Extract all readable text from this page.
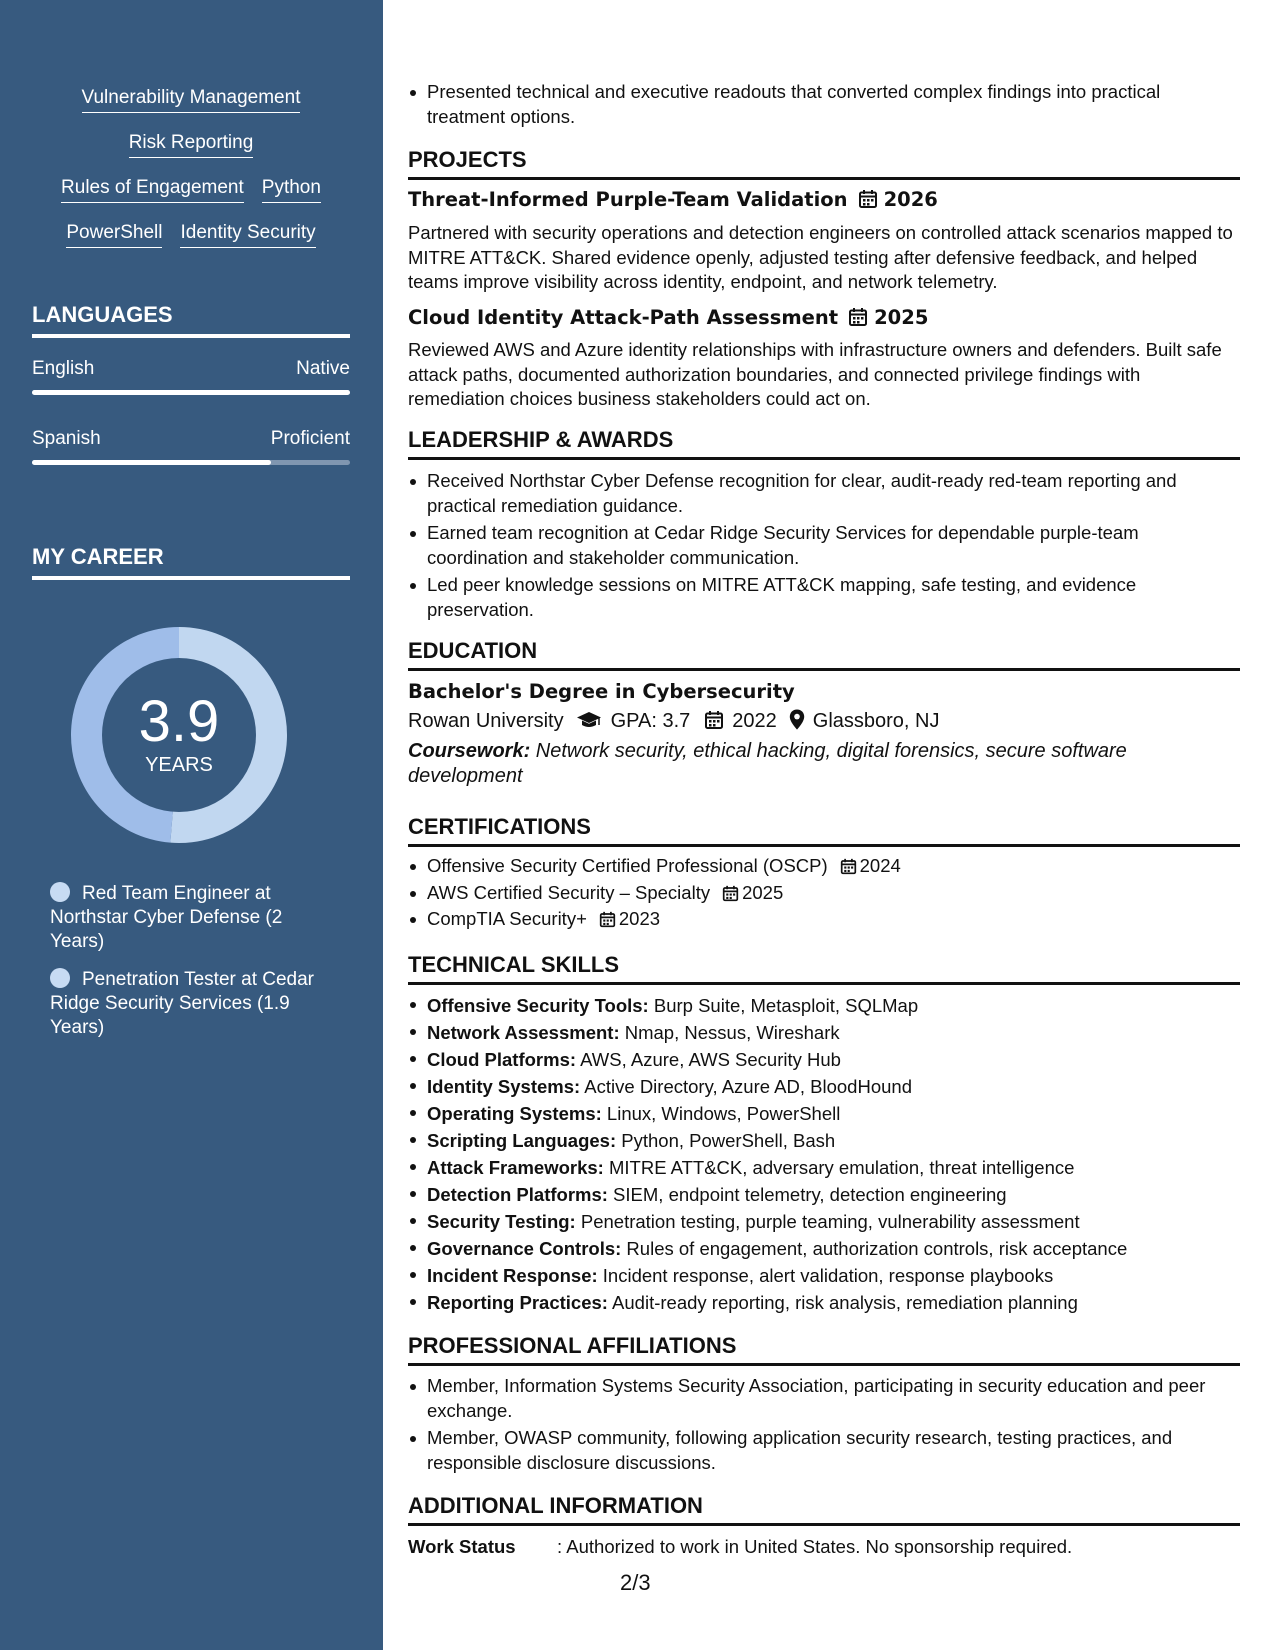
Vulnerability Management
Risk Reporting
Rules of Engagement Python
PowerShell Identity Security
LANGUAGES
English	Native
Spanish	Proficient
MY CAREER
3.9
YEARS
Red Team Engineer at Northstar Cyber Defense (2 Years)
Penetration Tester at Cedar Ridge Security Services (1.9 Years)
Presented technical and executive readouts that converted complex findings into practical treatment options.
PROJECTS
Threat-Informed Purple-Team Validation 2026
Partnered with security operations and detection engineers on controlled attack scenarios mapped to MITRE ATT&CK. Shared evidence openly, adjusted testing after defensive feedback, and helped teams improve visibility across identity, endpoint, and network telemetry.
Cloud Identity Attack-Path Assessment 2025
Reviewed AWS and Azure identity relationships with infrastructure owners and defenders. Built safe attack paths, documented authorization boundaries, and connected privilege findings with remediation choices business stakeholders could act on.
LEADERSHIP & AWARDS
Received Northstar Cyber Defense recognition for clear, audit-ready red-team reporting and practical remediation guidance.
Earned team recognition at Cedar Ridge Security Services for dependable purple-team coordination and stakeholder communication.
Led peer knowledge sessions on MITRE ATT&CK mapping, safe testing, and evidence preservation.
EDUCATION
Bachelor's Degree in Cybersecurity
Rowan University GPA: 3.7 2022 Glassboro, NJ
Coursework: Network security, ethical hacking, digital forensics, secure software development
CERTIFICATIONS
Offensive Security Certified Professional (OSCP) 2024
AWS Certified Security – Specialty 2025
CompTIA Security+ 2023
TECHNICAL SKILLS
Offensive Security Tools: Burp Suite, Metasploit, SQLMap
Network Assessment: Nmap, Nessus, Wireshark
Cloud Platforms: AWS, Azure, AWS Security Hub
Identity Systems: Active Directory, Azure AD, BloodHound
Operating Systems: Linux, Windows, PowerShell
Scripting Languages: Python, PowerShell, Bash
Attack Frameworks: MITRE ATT&CK, adversary emulation, threat intelligence
Detection Platforms: SIEM, endpoint telemetry, detection engineering
Security Testing: Penetration testing, purple teaming, vulnerability assessment
Governance Controls: Rules of engagement, authorization controls, risk acceptance
Incident Response: Incident response, alert validation, response playbooks
Reporting Practices: Audit-ready reporting, risk analysis, remediation planning
PROFESSIONAL AFFILIATIONS
Member, Information Systems Security Association, participating in security education and peer exchange.
Member, OWASP community, following application security research, testing practices, and responsible disclosure discussions.
ADDITIONAL INFORMATION
Work Status : Authorized to work in United States. No sponsorship required.
2/3
